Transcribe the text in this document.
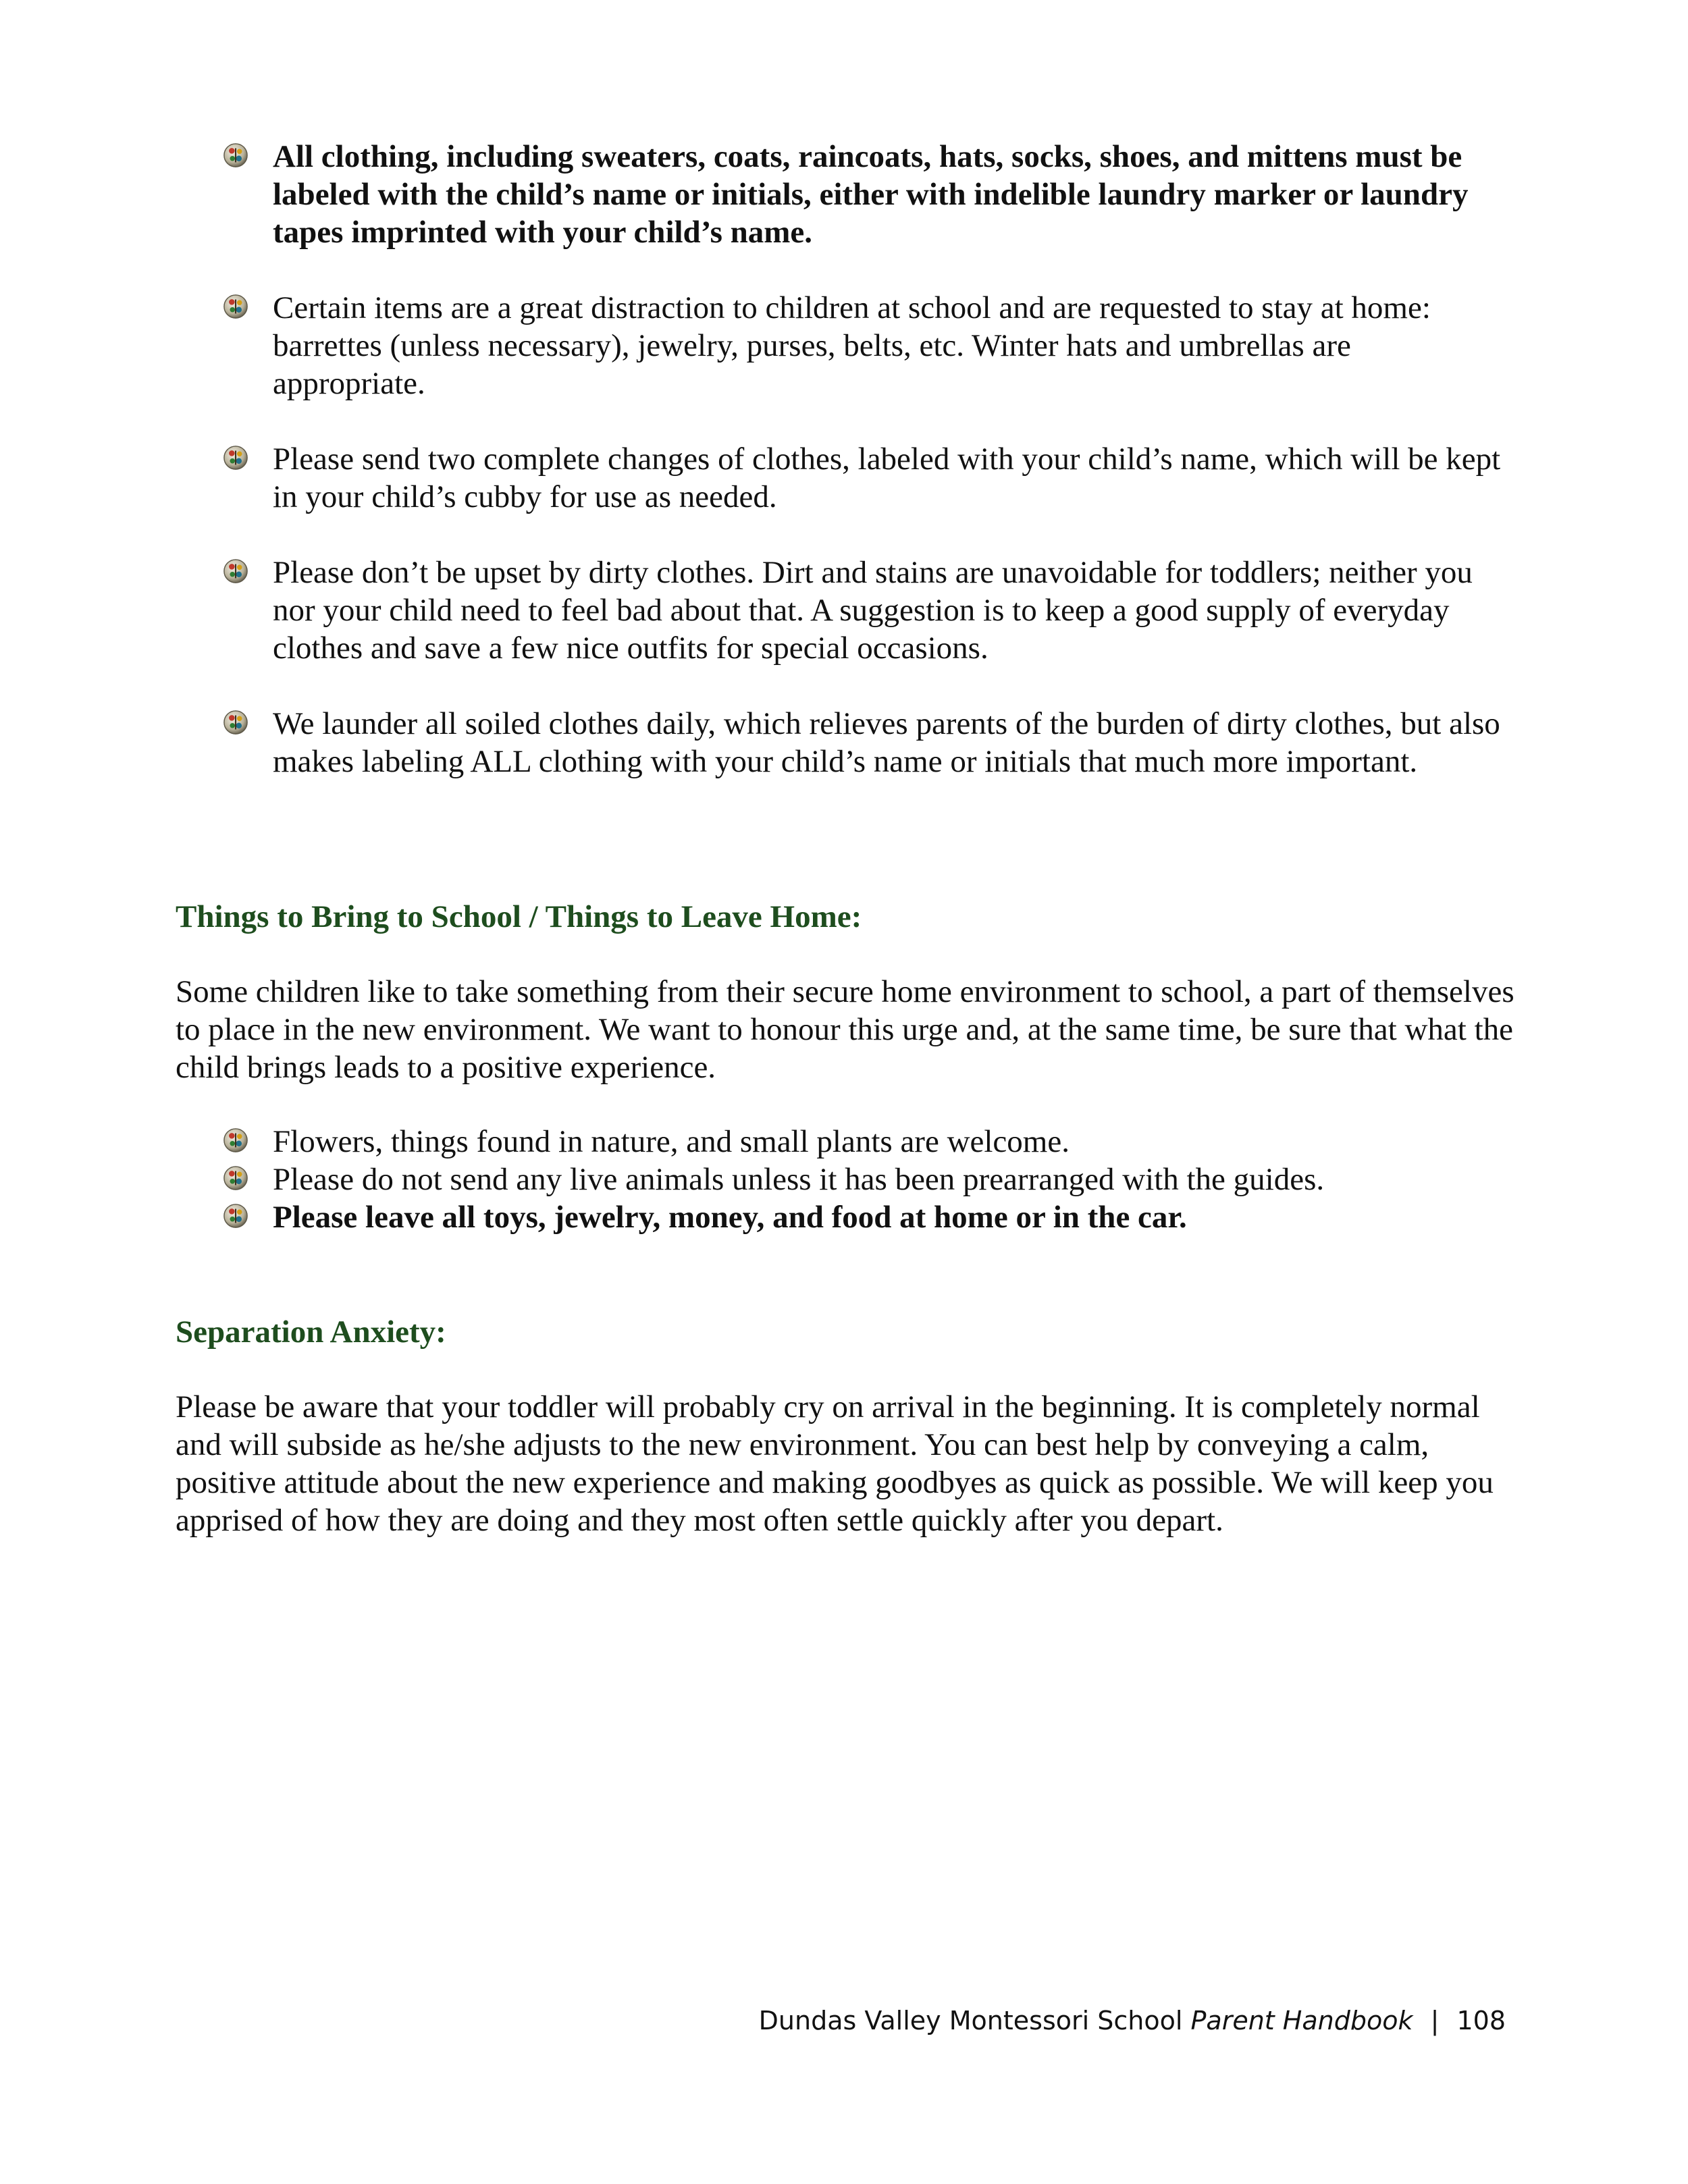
All clothing, including sweaters, coats, raincoats, hats, socks, shoes, and mittens must be labeled with the child’s name or initials, either with indelible laundry marker or laundry tapes imprinted with your child’s name.
Certain items are a great distraction to children at school and are requested to stay at home: barrettes (unless necessary), jewelry, purses, belts, etc. Winter hats and umbrellas are appropriate.
Please send two complete changes of clothes, labeled with your child’s name, which will be kept in your child’s cubby for use as needed.
Please don’t be upset by dirty clothes. Dirt and stains are unavoidable for toddlers; neither you nor your child need to feel bad about that. A suggestion is to keep a good supply of everyday clothes and save a few nice outfits for special occasions.
We launder all soiled clothes daily, which relieves parents of the burden of dirty clothes, but also makes labeling ALL clothing with your child’s name or initials that much more important.
Things to Bring to School / Things to Leave Home:

Some children like to take something from their secure home environment to school, a part of themselves to place in the new environment. We want to honour this urge and, at the same time, be sure that what the child brings leads to a positive experience.

Flowers, things found in nature, and small plants are welcome.
Please do not send any live animals unless it has been prearranged with the guides.
Please leave all toys, jewelry, money, and food at home or in the car.
Separation Anxiety:

Please be aware that your toddler will probably cry on arrival in the beginning. It is completely normal and will subside as he/she adjusts to the new environment. You can best help by conveying a calm, positive attitude about the new experience and making goodbyes as quick as possible. We will keep you apprised of how they are doing and they most often settle quickly after you depart.

Dundas Valley Montessori School Parent Handbook | 108
